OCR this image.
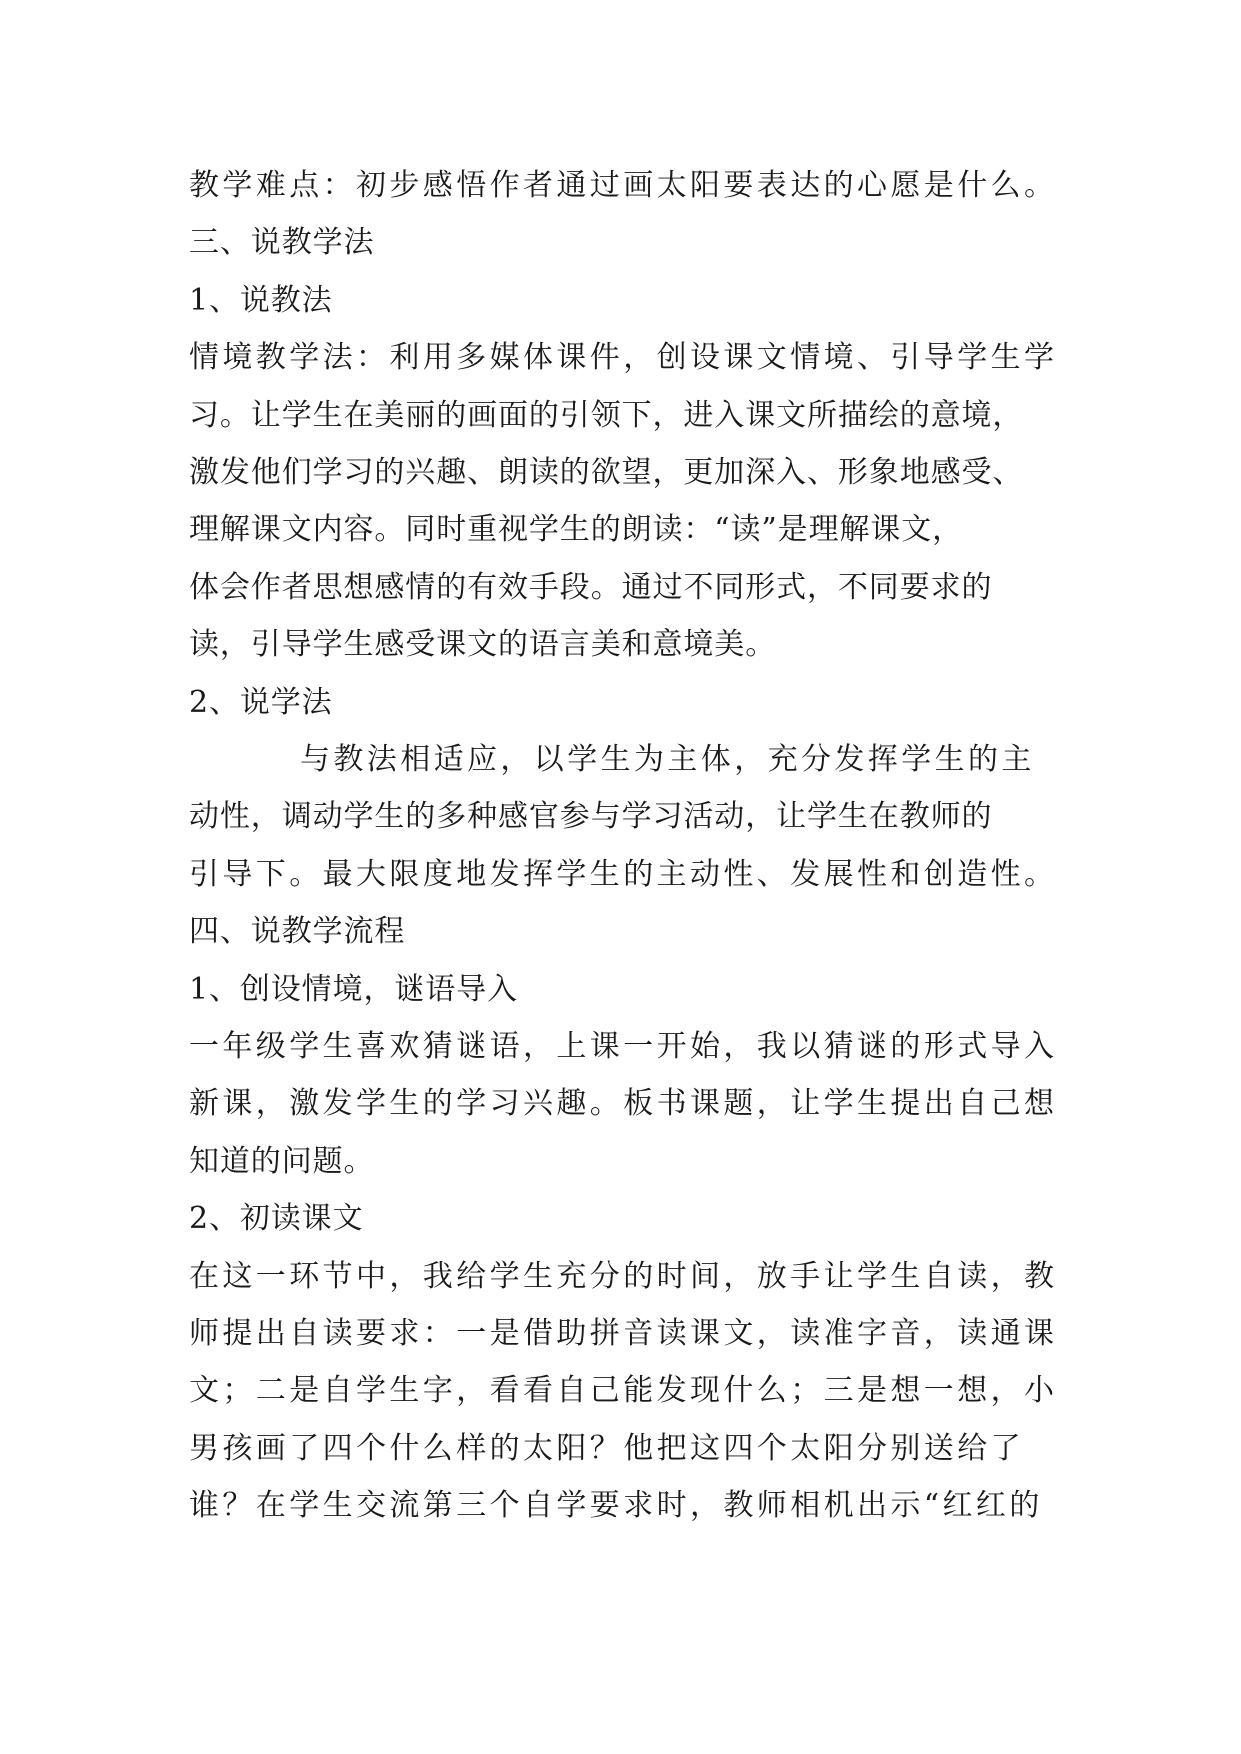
教学难点：初步感悟作者通过画太阳要表达的心愿是什么。
三、说教学法
1、说教法
情境教学法：利用多媒体课件，创设课文情境、引导学生学
习。让学生在美丽的画面的引领下，进入课文所描绘的意境，
激发他们学习的兴趣、朗读的欲望，更加深入、形象地感受、
理解课文内容。同时重视学生的朗读：“读”是理解课文，
体会作者思想感情的有效手段。通过不同形式，不同要求的
读，引导学生感受课文的语言美和意境美。
2、说学法
与教法相适应，以学生为主体，充分发挥学生的主
动性，调动学生的多种感官参与学习活动，让学生在教师的
引导下。最大限度地发挥学生的主动性、发展性和创造性。
四、说教学流程
1、创设情境，谜语导入
一年级学生喜欢猜谜语，上课一开始，我以猜谜的形式导入
新课，激发学生的学习兴趣。板书课题，让学生提出自己想
知道的问题。
2、初读课文
在这一环节中，我给学生充分的时间，放手让学生自读，教
师提出自读要求：一是借助拼音读课文，读准字音，读通课
文；二是自学生字，看看自己能发现什么；三是想一想，小
男孩画了四个什么样的太阳？他把这四个太阳分别送给了
谁？在学生交流第三个自学要求时，教师相机出示“红红的
